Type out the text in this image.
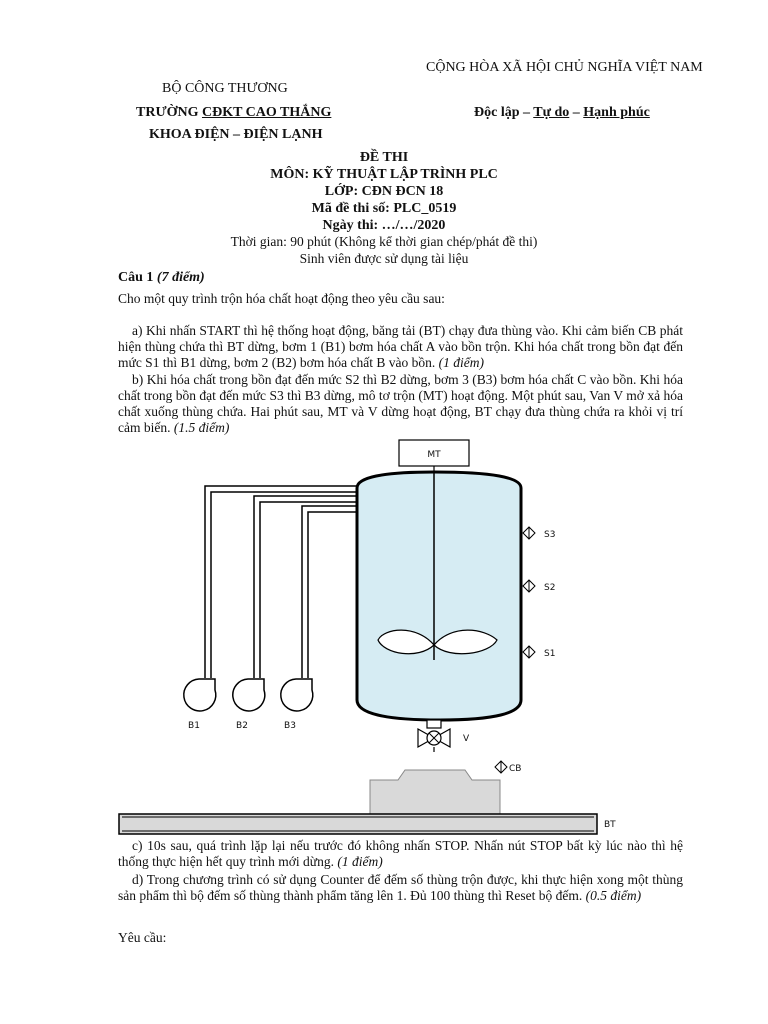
CỘNG HÒA XÃ HỘI CHỦ NGHĨA VIỆT NAM
BỘ CÔNG THƯƠNG
TRƯỜNG CĐKT CAO THẮNG	Độc lập – Tự do – Hạnh phúc
KHOA ĐIỆN – ĐIỆN LẠNH
ĐỀ THI
MÔN: KỸ THUẬT LẬP TRÌNH PLC
LỚP: CĐN ĐCN 18
Mã đề thi số: PLC_0519
Ngày thi: …/…/2020
Thời gian: 90 phút (Không kể thời gian chép/phát đề thi)
Sinh viên được sử dụng tài liệu
Câu 1 (7 điểm)
Cho một quy trình trộn hóa chất hoạt động theo yêu cầu sau:
a) Khi nhấn START thì hệ thống hoạt động, băng tải (BT) chạy đưa thùng vào. Khi cảm biến CB phát hiện thùng chứa thì BT dừng, bơm 1 (B1) bơm hóa chất A vào bồn trộn. Khi hóa chất trong bồn đạt đến mức S1 thì B1 dừng, bơm 2 (B2) bơm hóa chất B vào bồn. (1 điểm)
b) Khi hóa chất trong bồn đạt đến mức S2 thì B2 dừng, bơm 3 (B3) bơm hóa chất C vào bồn. Khi hóa chất trong bồn đạt đến mức S3 thì B3 dừng, mô tơ trộn (MT) hoạt động. Một phút sau, Van V mở xả hóa chất xuống thùng chứa. Hai phút sau, MT và V dừng hoạt động, BT chạy đưa thùng chứa ra khỏi vị trí cảm biến. (1.5 điểm)
MT
S3
S2
S1
B1	B2	B3
V
CB
BT
c) 10s sau, quá trình lặp lại nếu trước đó không nhấn STOP. Nhấn nút STOP bất kỳ lúc nào thì hệ thống thực hiện hết quy trình mới dừng. (1 điểm)
d) Trong chương trình có sử dụng Counter để đếm số thùng trộn được, khi thực hiện xong một thùng sản phẩm thì bộ đếm số thùng thành phẩm tăng lên 1. Đủ 100 thùng thì Reset bộ đếm. (0.5 điểm)
Yêu cầu:
